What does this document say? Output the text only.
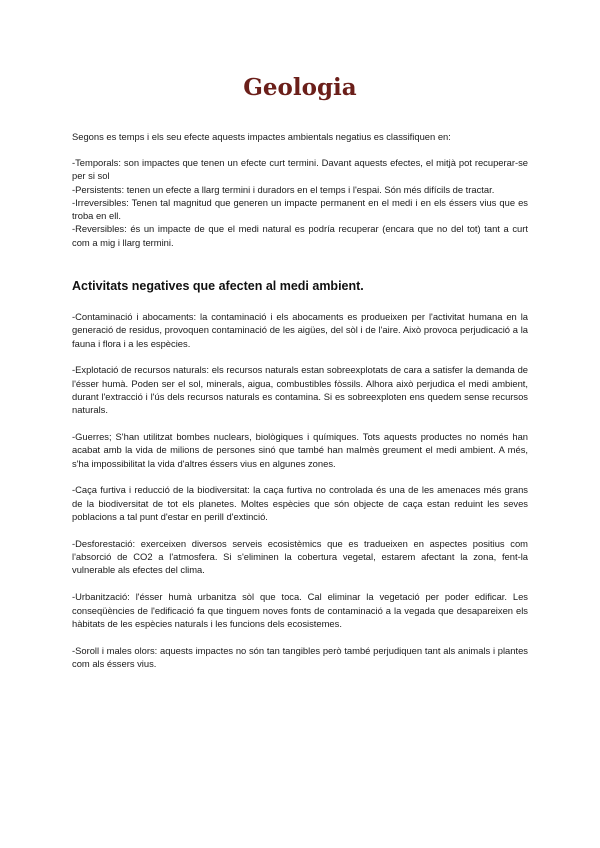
Geologia

Segons es temps i els seu efecte aquests impactes ambientals negatius es classifiquen en:

-Temporals: son impactes que tenen un efecte curt termini. Davant aquests efectes, el mitjà pot recuperar-se per si sol

-Persistents: tenen un efecte a llarg termini i duradors en el temps i l'espai. Són més difícils de tractar.

-Irreversibles: Tenen tal magnitud que generen un impacte permanent en el medi i en els éssers vius que es troba en ell.

-Reversibles: és un impacte de que el medi natural es podría recuperar (encara que no del tot) tant a curt com a mig i llarg termini.

Activitats negatives que afecten al medi ambient.

-Contaminació i abocaments: la contaminació i els abocaments es produeixen per l'activitat humana en la generació de residus, provoquen contaminació de les aigües, del sòl i de l'aire. Això provoca perjudicació a la fauna i flora i a les espècies.

-Explotació de recursos naturals: els recursos naturals estan sobreexplotats de cara a satisfer la demanda de l'ésser humà. Poden ser el sol, minerals, aigua, combustibles fòssils. Alhora això perjudica el medi ambient, durant l'extracció i l'ús dels recursos naturals es contamina. Si es sobreexploten ens quedem sense recursos naturals.

-Guerres; S'han utilitzat bombes nuclears, biològiques i químiques. Tots aquests productes no només han acabat amb la vida de milions de persones sinó que també han malmès greument el medi ambient. A més, s'ha impossibilitat la vida d'altres éssers vius en algunes zones.

-Caça furtiva i reducció de la biodiversitat: la caça furtiva no controlada és una de les amenaces més grans de la biodiversitat de tot els planetes. Moltes espècies que són objecte de caça estan reduint les seves poblacions a tal punt d'estar en perill d'extinció.

-Desforestació: exerceixen diversos serveis ecosistèmics que es tradueixen en aspectes positius com l'absorció de CO2 a l'atmosfera. Si s'eliminen la cobertura vegetal, estarem afectant la zona, fent-la vulnerable als efectes del clima.

-Urbanització: l'ésser humà urbanitza sòl que toca. Cal eliminar la vegetació per poder edificar. Les conseqüències de l'edificació fa que tinguem noves fonts de contaminació a la vegada que desapareixen els hàbitats de les espècies naturals i les funcions dels ecosistemes.

-Soroll i males olors: aquests impactes no són tan tangibles però també perjudiquen tant als animals i plantes com als éssers vius.
